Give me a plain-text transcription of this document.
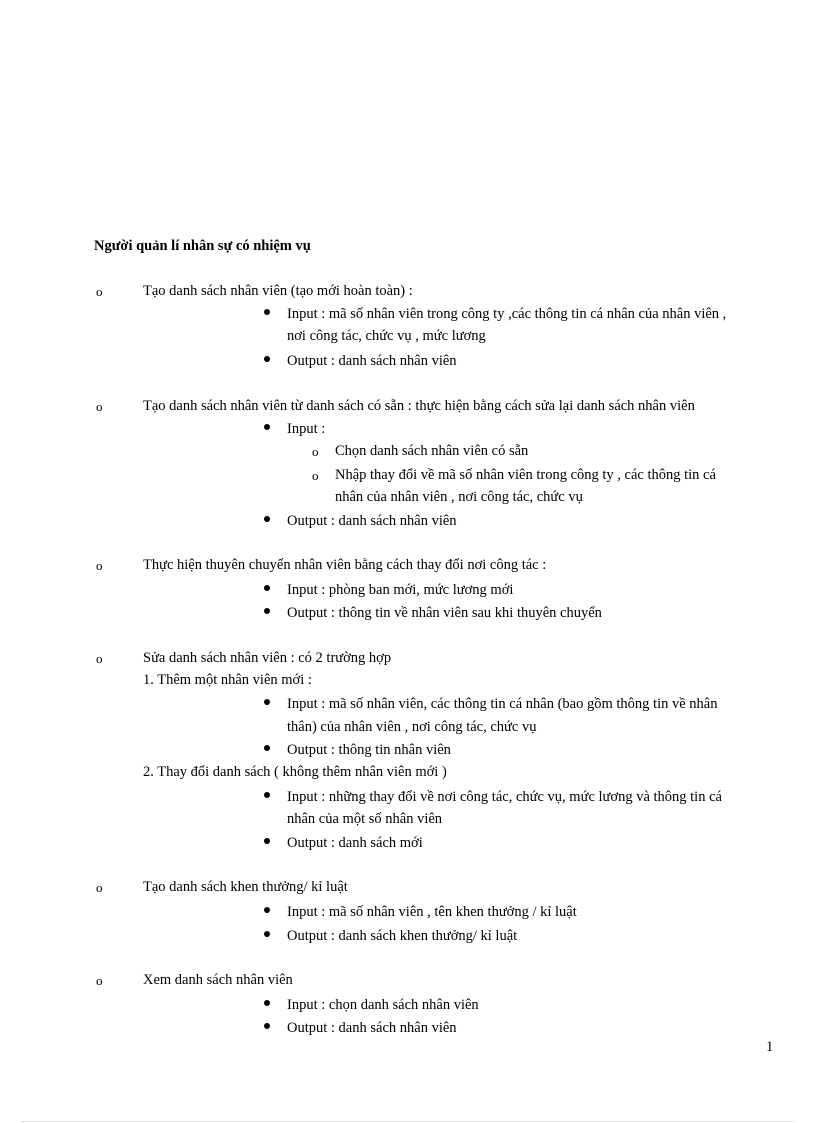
Người quản lí nhân sự có nhiệm vụ
o	Tạo danh sách nhân viên (tạo mới hoàn toàn) :
Input : mã số nhân viên trong công ty ,các thông tin cá nhân của nhân viên ,
nơi công tác, chức vụ , mức lương
Output : danh sách nhân viên
o	Tạo danh sách nhân viên từ danh sách có sẵn : thực hiện bằng cách sửa lại danh sách nhân viên
Input :
o Chọn danh sách nhân viên có sẵn
o Nhập thay đổi về mã số nhân viên trong công ty , các thông tin cá
nhân của nhân viên , nơi công tác, chức vụ
Output : danh sách nhân viên
o	Thực hiện thuyên chuyển nhân viên bằng cách thay đổi nơi công tác :
Input : phòng ban mới, mức lương mới
Output : thông tin về nhân viên sau khi thuyên chuyển
o	Sửa danh sách nhân viên : có 2 trường hợp
1. Thêm một nhân viên mới :
Input : mã số nhân viên, các thông tin cá nhân (bao gồm thông tin về nhân
thân) của nhân viên , nơi công tác, chức vụ
Output : thông tin nhân viên
2. Thay đổi danh sách ( không thêm nhân viên mới )
Input : những thay đổi về nơi công tác, chức vụ, mức lương và thông tin cá
nhân của một số nhân viên
Output : danh sách mới
o	Tạo danh sách khen thưởng/ kỉ luật
Input : mã số nhân viên , tên khen thưởng / kỉ luật
Output : danh sách khen thưởng/ kỉ luật
o	Xem danh sách nhân viên
Input : chọn danh sách nhân viên
Output : danh sách nhân viên
1
